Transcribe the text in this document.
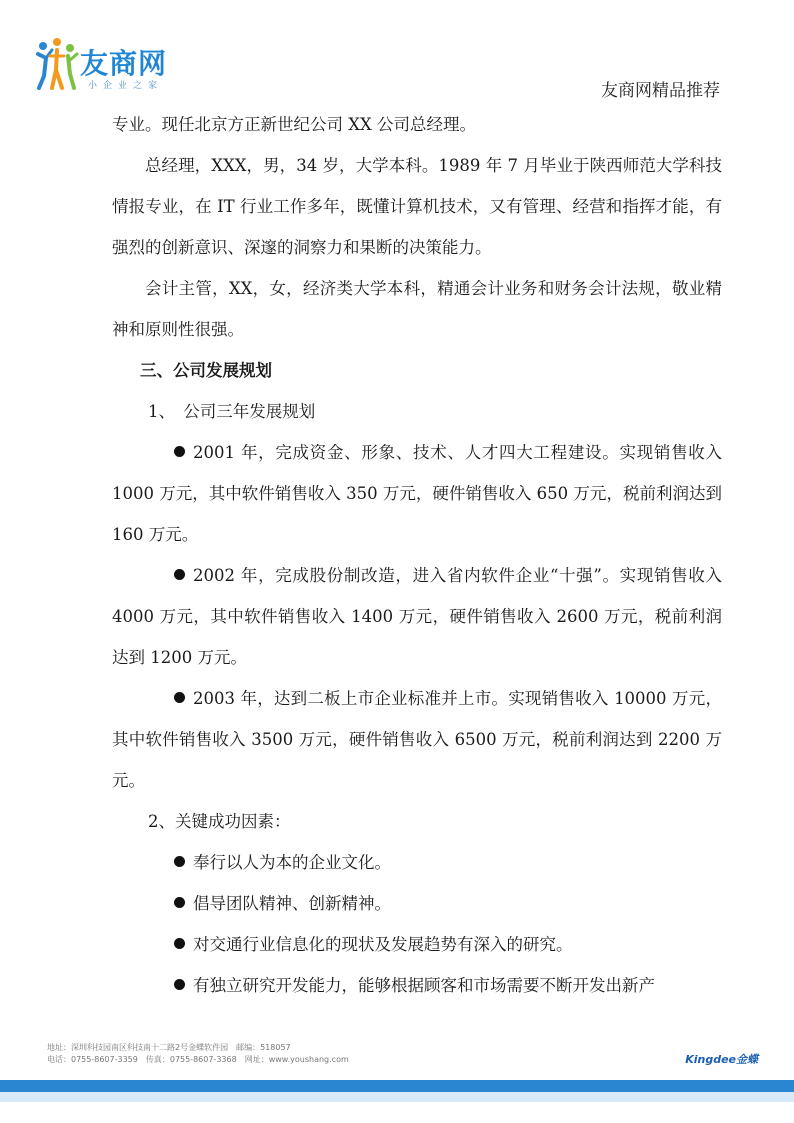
友商网
小企业之家	友商网精品推荐

专业。现任北京方正新世纪公司 XX 公司总经理。

总经理，XXX，男，34 岁，大学本科。1989 年 7 月毕业于陕西师范大学科技情报专业，在 IT 行业工作多年，既懂计算机技术，又有管理、经营和指挥才能，有强烈的创新意识、深邃的洞察力和果断的决策能力。

会计主管，XX，女，经济类大学本科，精通会计业务和财务会计法规，敬业精神和原则性很强。

三、公司发展规划

1、　公司三年发展规划

2001 年，完成资金、形象、技术、人才四大工程建设。实现销售收入 1000 万元，其中软件销售收入 350 万元，硬件销售收入 650 万元，税前利润达到 160 万元。

2002 年，完成股份制改造，进入省内软件企业“十强”。实现销售收入 4000 万元，其中软件销售收入 1400 万元，硬件销售收入 2600 万元，税前利润达到 1200 万元。

2003 年，达到二板上市企业标准并上市。实现销售收入 10000 万元，其中软件销售收入 3500 万元，硬件销售收入 6500 万元，税前利润达到 2200 万元。

2、关键成功因素：

奉行以人为本的企业文化。

倡导团队精神、创新精神。

对交通行业信息化的现状及发展趋势有深入的研究。

有独立研究开发能力，能够根据顾客和市场需要不断开发出新产

地址：深圳科技园南区科技南十二路2号金蝶软件园　邮编：518057
电话：0755-8607-3359　传真：0755-8607-3368　网址：www.youshang.com	Kingdee金蝶
